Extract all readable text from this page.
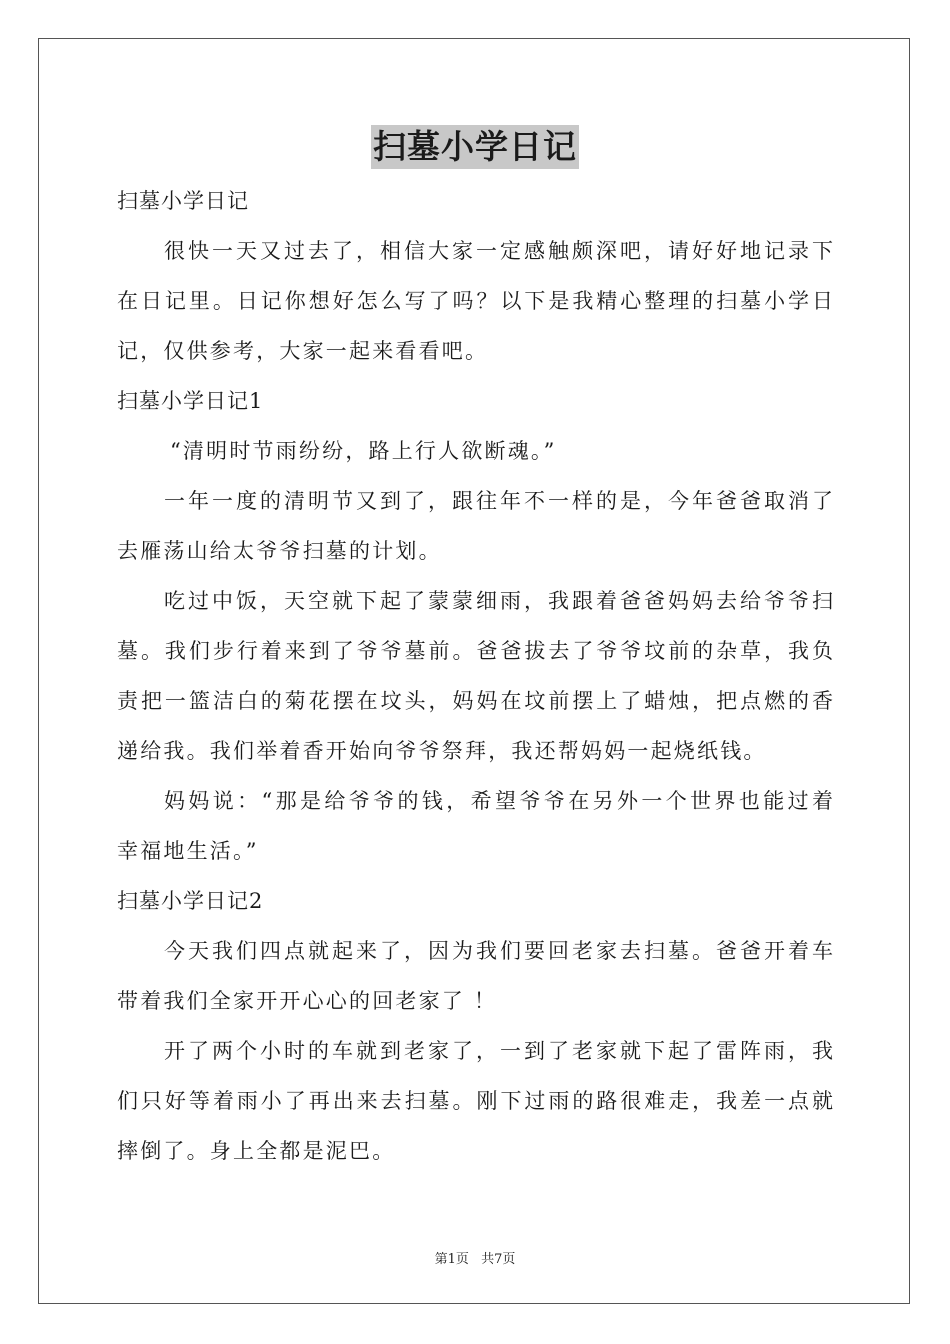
扫墓小学日记
扫墓小学日记
很快一天又过去了，相信大家一定感触颇深吧，请好好地记录下
在日记里。日记你想好怎么写了吗？以下是我精心整理的扫墓小学日
记，仅供参考，大家一起来看看吧。
扫墓小学日记1
“清明时节雨纷纷，路上行人欲断魂。”
一年一度的清明节又到了，跟往年不一样的是，今年爸爸取消了
去雁荡山给太爷爷扫墓的计划。
吃过中饭，天空就下起了蒙蒙细雨，我跟着爸爸妈妈去给爷爷扫
墓。我们步行着来到了爷爷墓前。爸爸拔去了爷爷坟前的杂草，我负
责把一篮洁白的菊花摆在坟头，妈妈在坟前摆上了蜡烛，把点燃的香
递给我。我们举着香开始向爷爷祭拜，我还帮妈妈一起烧纸钱。
妈妈说：“那是给爷爷的钱，希望爷爷在另外一个世界也能过着
幸福地生活。”
扫墓小学日记2
今天我们四点就起来了，因为我们要回老家去扫墓。爸爸开着车
带着我们全家开开心心的回老家了 ！
开了两个小时的车就到老家了，一到了老家就下起了雷阵雨，我
们只好等着雨小了再出来去扫墓。刚下过雨的路很难走，我差一点就
摔倒了。身上全都是泥巴。
第1页 共7页
